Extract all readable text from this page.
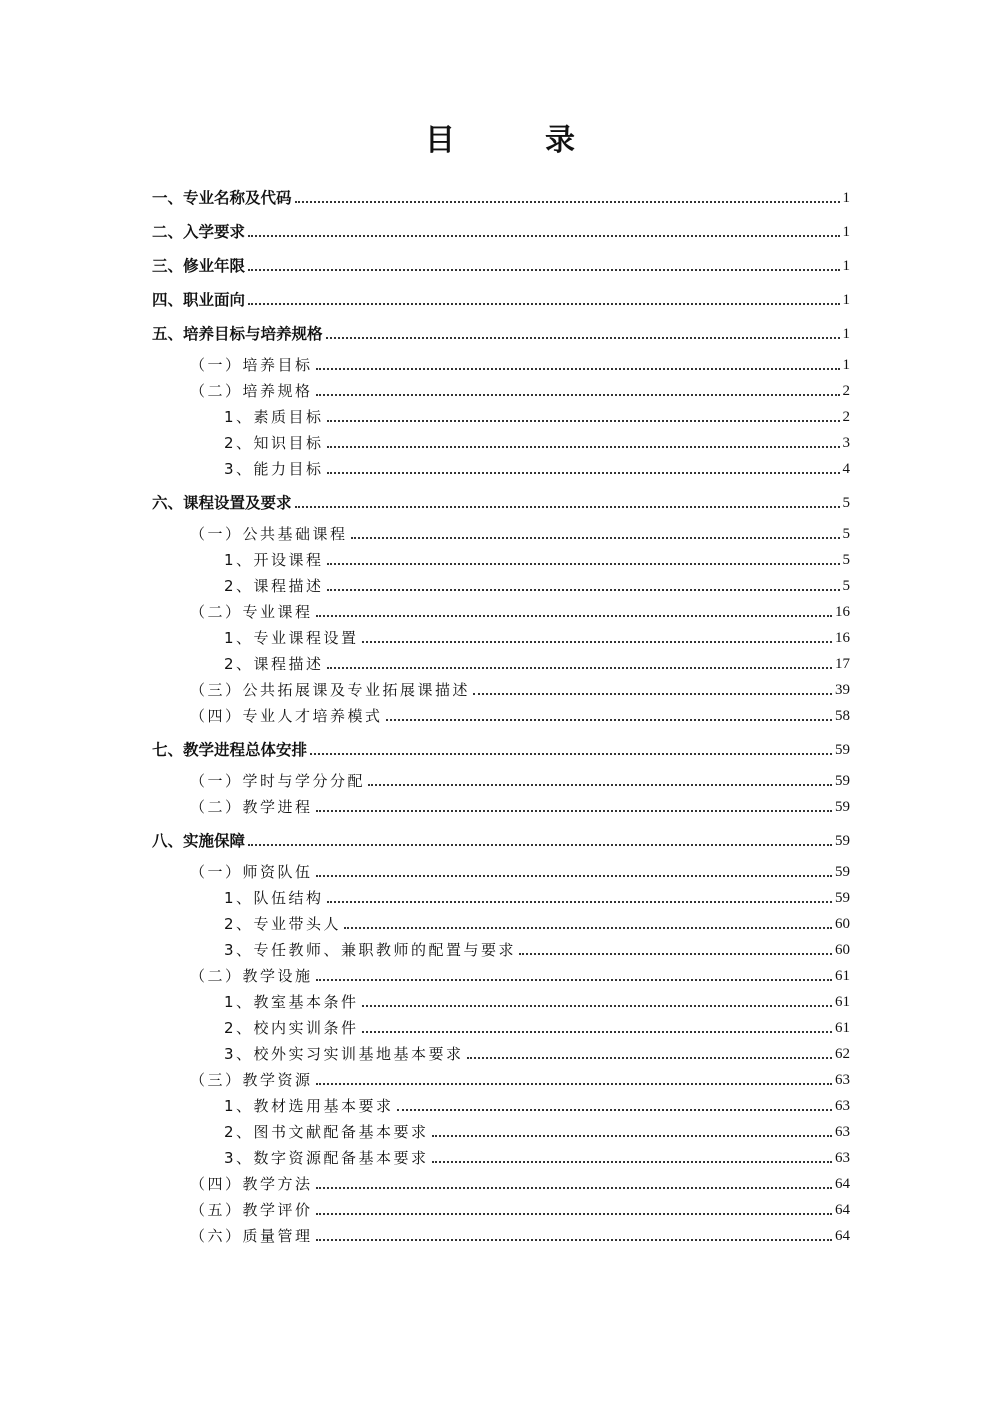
目　录
一、专业名称及代码	1
二、入学要求	1
三、修业年限	1
四、职业面向	1
五、培养目标与培养规格	1
（一）培养目标	1
（二）培养规格	2
1、素质目标	2
2、知识目标	3
3、能力目标	4
六、课程设置及要求	5
（一）公共基础课程	5
1、开设课程	5
2、课程描述	5
（二）专业课程	16
1、专业课程设置	16
2、课程描述	17
（三）公共拓展课及专业拓展课描述	39
（四）专业人才培养模式	58
七、教学进程总体安排	59
（一）学时与学分分配	59
（二）教学进程	59
八、实施保障	59
（一）师资队伍	59
1、队伍结构	59
2、专业带头人	60
3、专任教师、兼职教师的配置与要求	60
（二）教学设施	61
1、教室基本条件	61
2、校内实训条件	61
3、校外实习实训基地基本要求	62
（三）教学资源	63
1、教材选用基本要求	63
2、图书文献配备基本要求	63
3、数字资源配备基本要求	63
（四）教学方法	64
（五）教学评价	64
（六）质量管理	64
